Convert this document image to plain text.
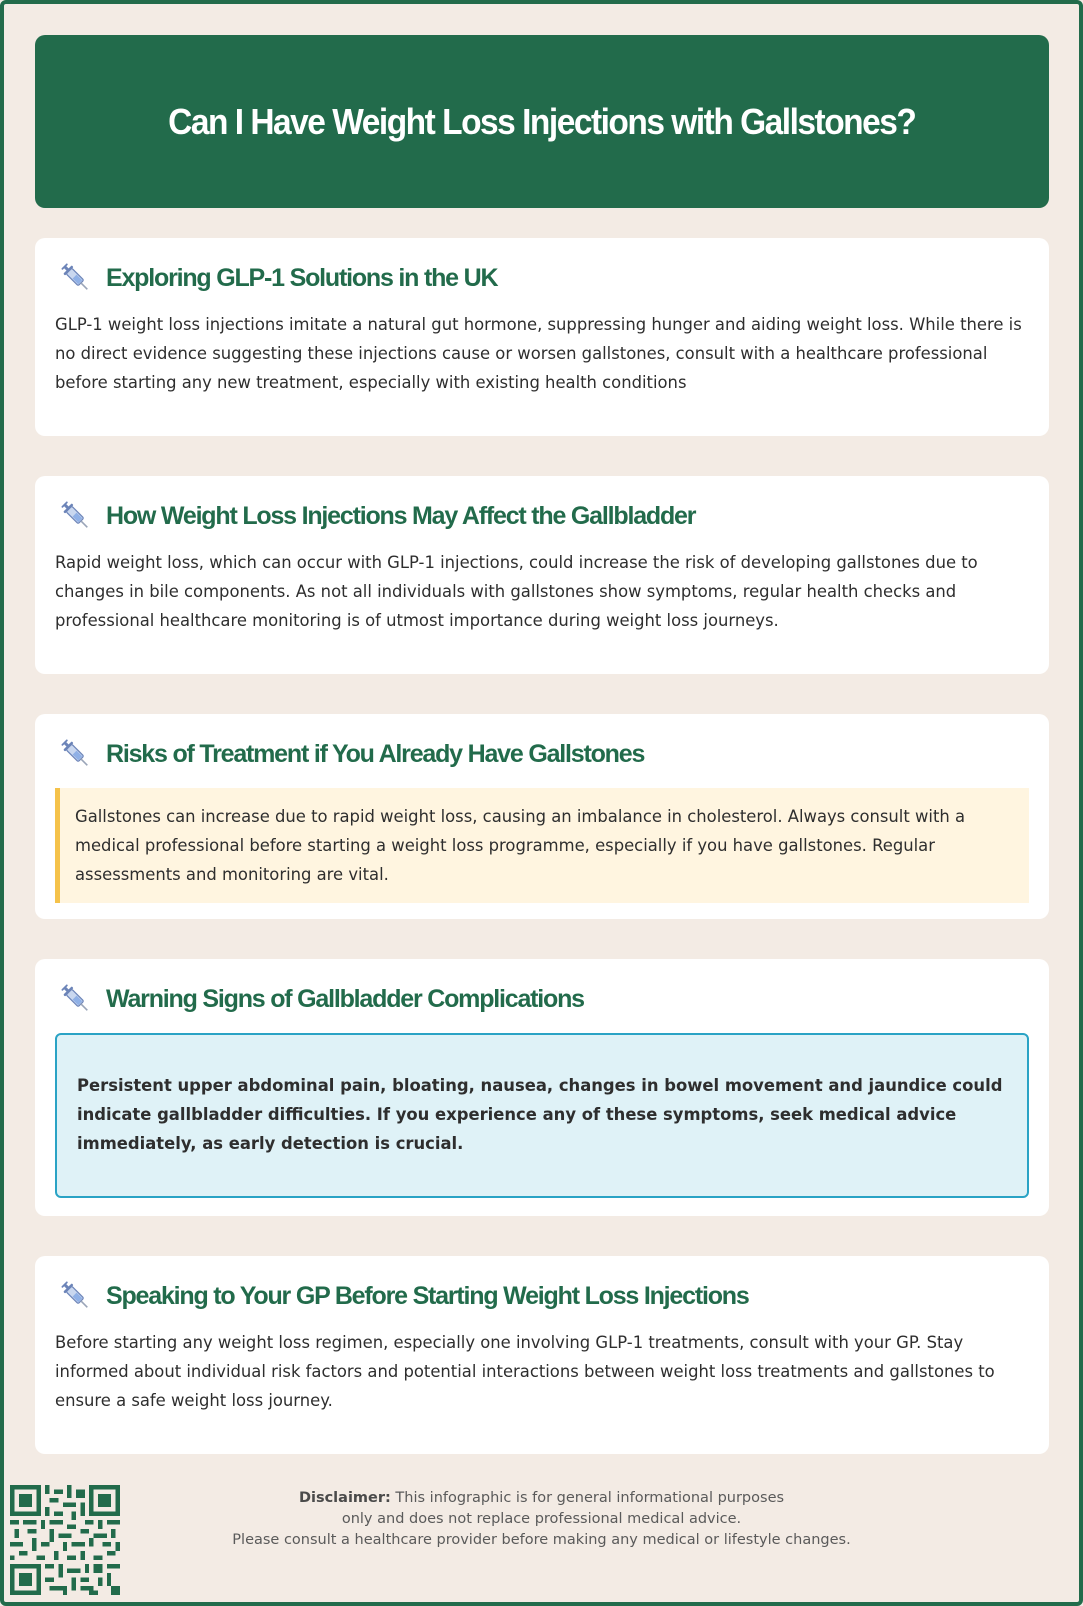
Can I Have Weight Loss Injections with Gallstones?
Exploring GLP-1 Solutions in the UK

GLP-1 weight loss injections imitate a natural gut hormone, suppressing hunger and aiding weight loss. While there is no direct evidence suggesting these injections cause or worsen gallstones, consult with a healthcare professional before starting any new treatment, especially with existing health conditions

How Weight Loss Injections May Affect the Gallbladder

Rapid weight loss, which can occur with GLP-1 injections, could increase the risk of developing gallstones due to changes in bile components. As not all individuals with gallstones show symptoms, regular health checks and professional healthcare monitoring is of utmost importance during weight loss journeys.

Risks of Treatment if You Already Have Gallstones
Gallstones can increase due to rapid weight loss, causing an imbalance in cholesterol. Always consult with a medical professional before starting a weight loss programme, especially if you have gallstones. Regular assessments and monitoring are vital.
Warning Signs of Gallbladder Complications
Persistent upper abdominal pain, bloating, nausea, changes in bowel movement and jaundice could indicate gallbladder difficulties. If you experience any of these symptoms, seek medical advice immediately, as early detection is crucial.
Speaking to Your GP Before Starting Weight Loss Injections

Before starting any weight loss regimen, especially one involving GLP-1 treatments, consult with your GP. Stay informed about individual risk factors and potential interactions between weight loss treatments and gallstones to ensure a safe weight loss journey.

Disclaimer: This infographic is for general informational purposes
only and does not replace professional medical advice.
Please consult a healthcare provider before making any medical or lifestyle changes.
